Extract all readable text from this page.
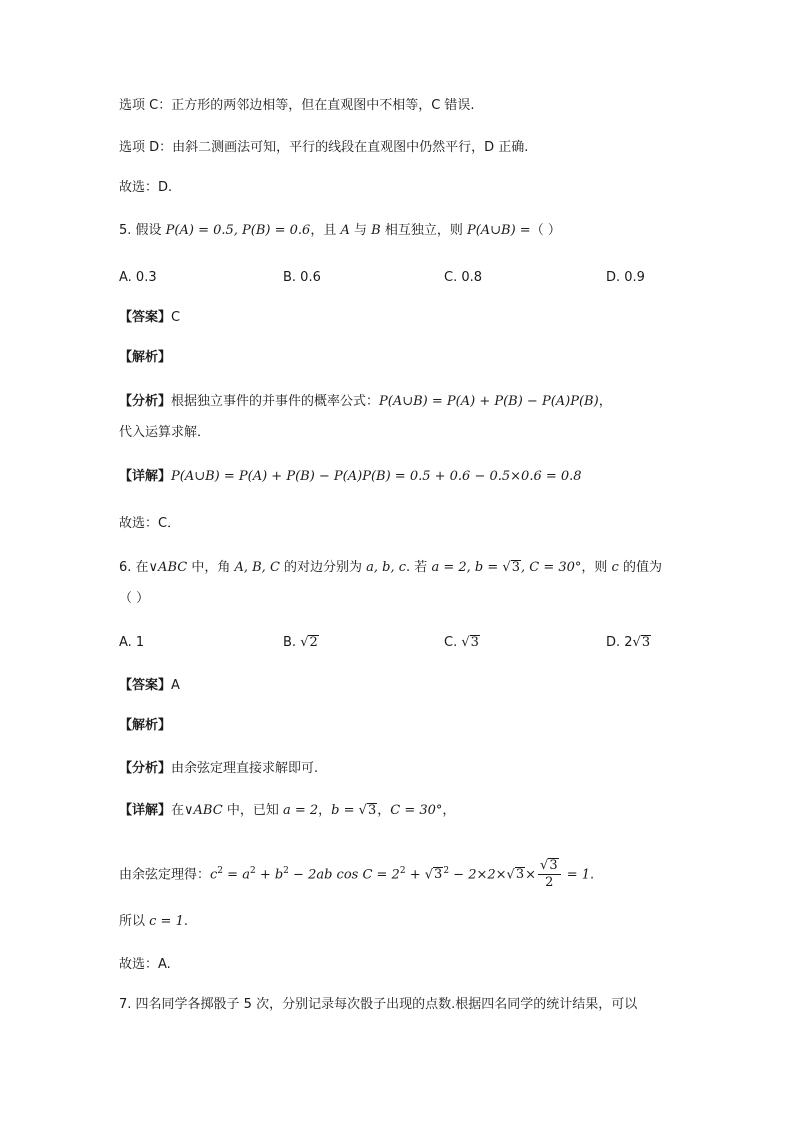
选项 C：正方形的两邻边相等，但在直观图中不相等，C 错误.
选项 D：由斜二测画法可知，平行的线段在直观图中仍然平行，D 正确.
故选：D.
5. 假设 P(A) = 0.5, P(B) = 0.6，且 A 与 B 相互独立，则 P(A∪B) =（ ）
A. 0.3	B. 0.6	C. 0.8	D. 0.9
【答案】C
【解析】
【分析】根据独立事件的并事件的概率公式：P(A∪B) = P(A) + P(B) − P(A)P(B)，
代入运算求解．
【详解】P(A∪B) = P(A) + P(B) − P(A)P(B) = 0.5 + 0.6 − 0.5×0.6 = 0.8
故选：C．
6. 在∨ABC 中，角 A, B, C 的对边分别为 a, b, c. 若 a = 2, b = √3, C = 30°，则 c 的值为
（ ）
A. 1	B. √2	C. √3	D. 2√3
【答案】A
【解析】
【分析】由余弦定理直接求解即可.
【详解】在∨ABC 中，已知 a = 2，b = √3，C = 30°，
由余弦定理得：$c^2 = a^2 + b^2 - 2ab$ $\cos C = 2^2 + √3^2 - 2\times 2\times√3\times \frac{√3}{2} = 1$.
所以 c = 1.
故选：A.
7. 四名同学各掷骰子 5 次，分别记录每次骰子出现的点数.根据四名同学的统计结果，可以
